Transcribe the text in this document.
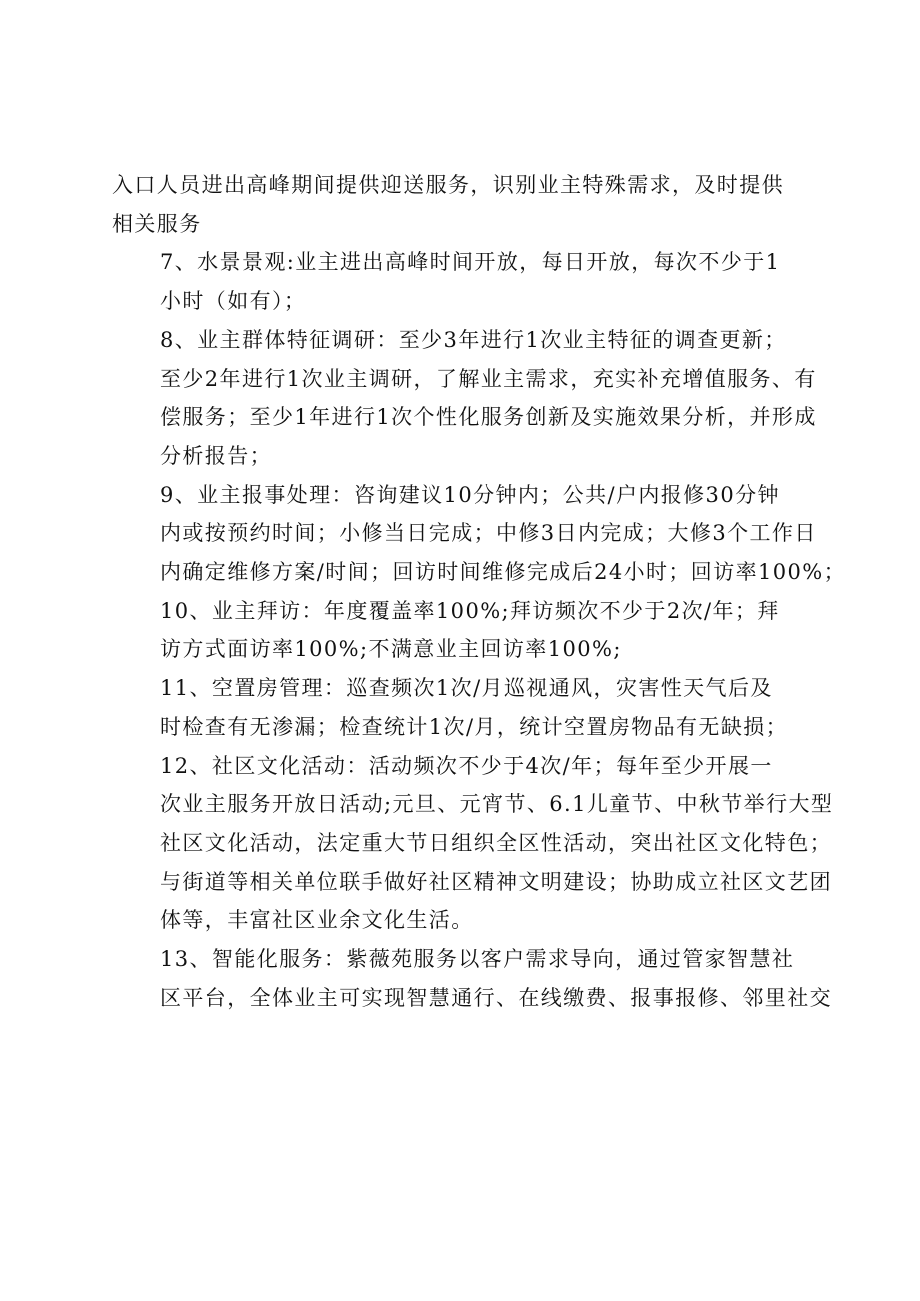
入口人员进出高峰期间提供迎送服务，识别业主特殊需求，及时提供
相关服务

7、水景景观:业主进出高峰时间开放，每日开放，每次不少于1
小时（如有）；

8、业主群体特征调研：至少3年进行1次业主特征的调查更新；
至少2年进行1次业主调研，了解业主需求，充实补充增值服务、有
偿服务；至少1年进行1次个性化服务创新及实施效果分析，并形成
分析报告；

9、业主报事处理：咨询建议10分钟内；公共/户内报修30分钟
内或按预约时间；小修当日完成；中修3日内完成；大修3个工作日
内确定维修方案/时间；回访时间维修完成后24小时；回访率100%；

10、业主拜访：年度覆盖率100%;拜访频次不少于2次/年；拜
访方式面访率100%;不满意业主回访率100%;

11、空置房管理：巡查频次1次/月巡视通风，灾害性天气后及
时检查有无渗漏；检查统计1次/月，统计空置房物品有无缺损；

12、社区文化活动：活动频次不少于4次/年；每年至少开展一
次业主服务开放日活动;元旦、元宵节、6.1儿童节、中秋节举行大型
社区文化活动，法定重大节日组织全区性活动，突出社区文化特色；
与街道等相关单位联手做好社区精神文明建设；协助成立社区文艺团
体等，丰富社区业余文化生活。

13、智能化服务：紫薇苑服务以客户需求导向，通过管家智慧社
区平台，全体业主可实现智慧通行、在线缴费、报事报修、邻里社交
